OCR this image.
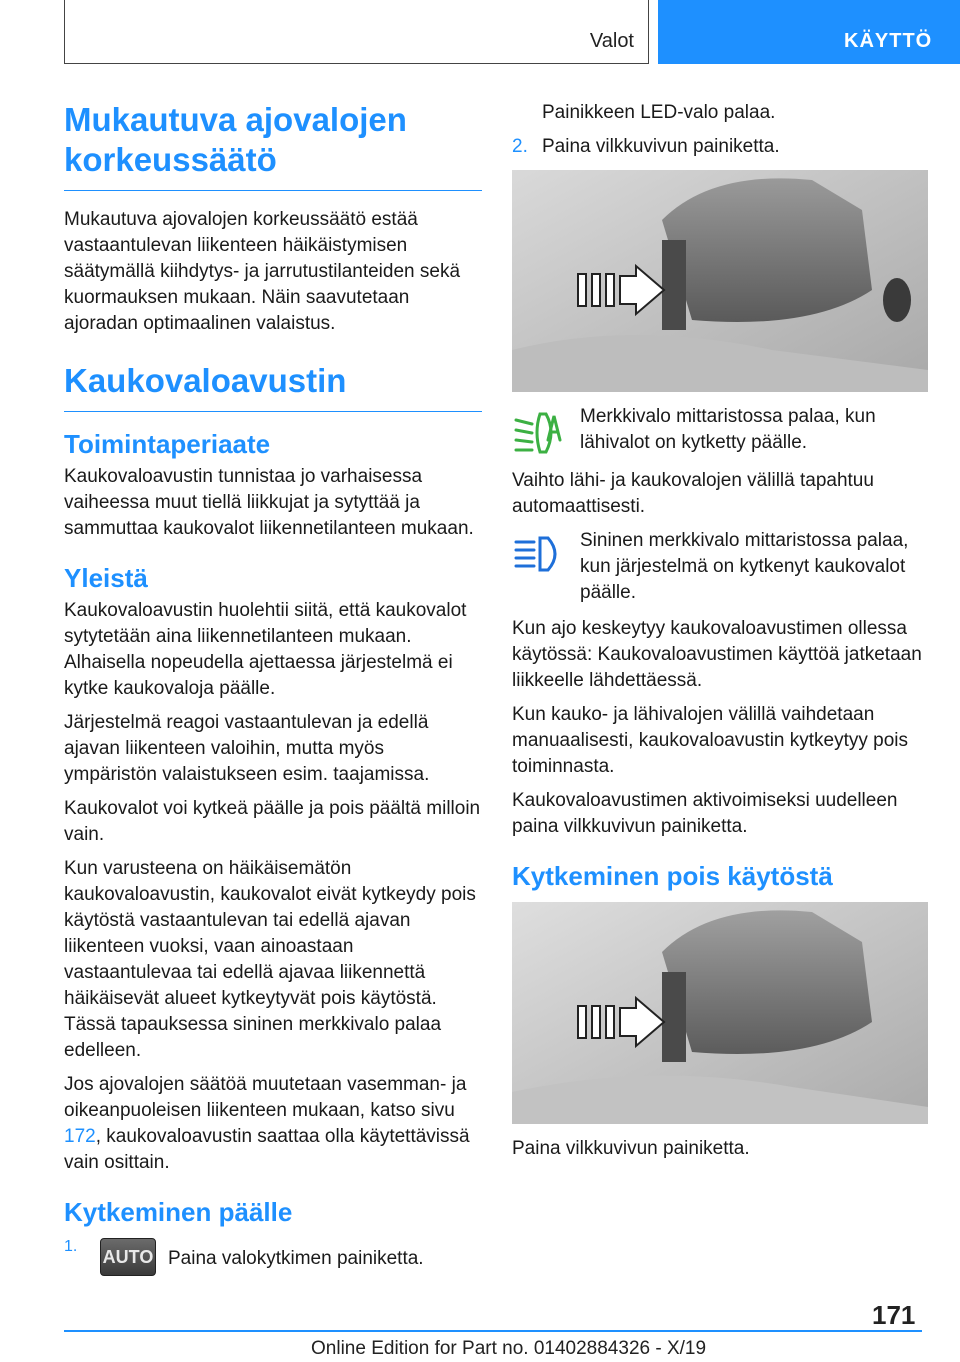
Valot	KÄYTTÖ
Mukautuva ajovalojen korkeussäätö

Mukautuva ajovalojen korkeussäätö estää vastaantulevan liikenteen häikäistymisen säätymällä kiihdytys- ja jarrutustilanteiden sekä kuormauksen mukaan. Näin saavutetaan ajoradan optimaalinen valaistus.

Kaukovaloavustin
Toimintaperiaate

Kaukovaloavustin tunnistaa jo varhaisessa vaiheessa muut tiellä liikkujat ja sytyttää ja sammuttaa kaukovalot liikennetilanteen mukaan.

Yleistä

Kaukovaloavustin huolehtii siitä, että kaukovalot sytytetään aina liikennetilanteen mukaan. Alhaisella nopeudella ajettaessa järjestelmä ei kytke kaukovaloja päälle.

Järjestelmä reagoi vastaantulevan ja edellä ajavan liikenteen valoihin, mutta myös ympäristön valaistukseen esim. taajamissa.

Kaukovalot voi kytkeä päälle ja pois päältä milloin vain.

Kun varusteena on häikäisemätön kaukovaloavustin, kaukovalot eivät kytkeydy pois käytöstä vastaantulevan tai edellä ajavan liikenteen vuoksi, vaan ainoastaan vastaantulevaa tai edellä ajavaa liikennettä häikäisevät alueet kytkeytyvät pois käytöstä. Tässä tapauksessa sininen merkkivalo palaa edelleen.

Jos ajovalojen säätöä muutetaan vasemman- ja oikeanpuoleisen liikenteen mukaan, katso sivu 172, kaukovaloavustin saattaa olla käytettävissä vain osittain.

Kytkeminen päälle
1.	AUTO Paina valokytkimen painiketta.
Painikkeen LED-valo palaa.
2. Paina vilkkuvivun painiketta.

Merkkivalo mittaristossa palaa, kun lähivalot on kytketty päälle.

Vaihto lähi- ja kaukovalojen välillä tapahtuu automaattisesti.

Sininen merkkivalo mittaristossa palaa, kun järjestelmä on kytkenyt kaukovalot päälle.

Kun ajo keskeytyy kaukovaloavustimen ollessa käytössä: Kaukovaloavustimen käyttöä jatketaan liikkeelle lähdettäessä.

Kun kauko- ja lähivalojen välillä vaihdetaan manuaalisesti, kaukovaloavustin kytkeytyy pois toiminnasta.

Kaukovaloavustimen aktivoimiseksi uudelleen paina vilkkuvivun painiketta.

Kytkeminen pois käytöstä

Paina vilkkuvivun painiketta.

171
Online Edition for Part no. 01402884326 - X/19
